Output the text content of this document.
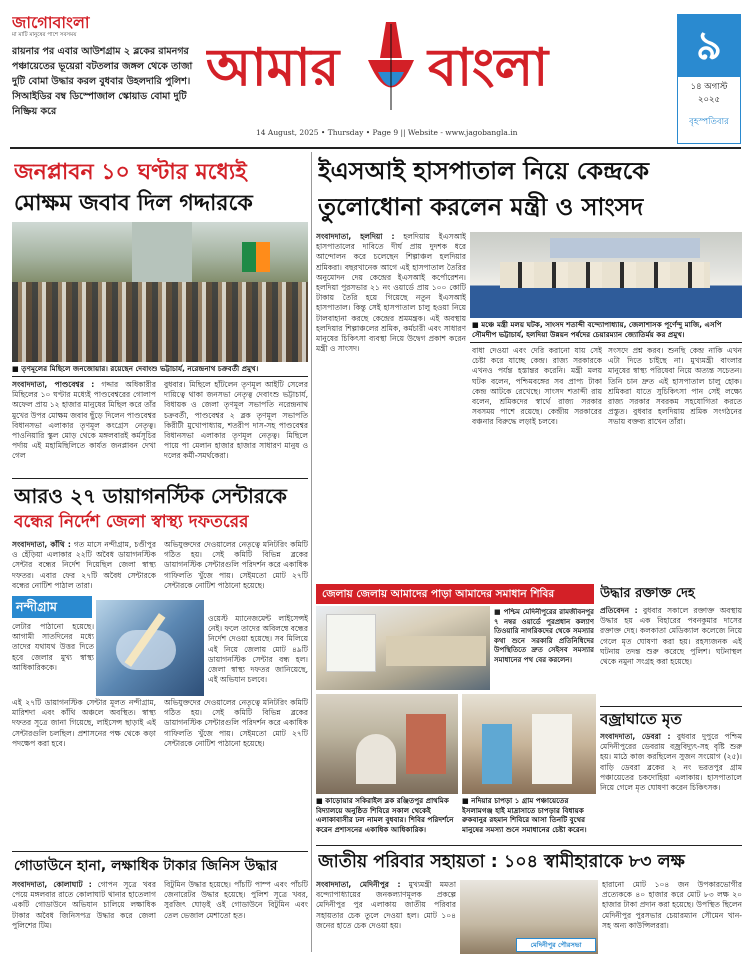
জাগোবাংলা
মা মাটি মানুষের পাশে সবসময়
রায়নার পর এবার আউশগ্রাম ২ ব্লকের রামনগর পঞ্চায়েতের ভূয়েরা বটতলার জঙ্গল থেকে তাজা দুটি বোমা উদ্ধার করল বুধবার উহলদারি পুলিশ। সিআইডির বম্ব ডিস্পোজাল স্কোয়াড বোমা দুটি নিষ্ক্রিয় করে
আমার বাংলা
14 August, 2025 • Thursday • Page 9 || Website - www.jagobangla.in
৯
১৪ অগাস্ট ২০২৫
বৃহস্পতিবার
জনপ্লাবন ১০ ঘণ্টার মধ্যেই
মোক্ষম জবাব দিল গদ্দারকে
■ তৃণমূলের মিছিলে জনজোয়ার। রয়েছেন দেবাংশু ভট্টাচার্য, নরেন্দ্রনাথ চক্রবর্তী প্রমুখ।
সংবাদদাতা, পাণ্ডবেশ্বর : গদ্দার অধিকারীর মিছিলের ১০ ঘণ্টার মধ্যেই পাণ্ডবেশ্বরের গোলাপ অফেল প্রায় ১২ হাজার মানুষের মিছিল করে তাঁর মুখের উপর মোক্ষম জবাব ছুঁড়ে দিলেন পাণ্ডবেশ্বর বিধানসভা এলাকার তৃণমূল কংগ্রেস নেতৃত্ব। পাওনিয়ারি স্কুল মোড় থেকে মঙ্গলবারই কর্মসূচির পর্দায় এই মহামিছিলিতে কার্যত জনপ্লাবন দেখা গেল
বুধবার। মিছিলে হাঁটলেন তৃণমূল আইটি সেলের দায়িত্বে থাকা জনসভা নেতৃত্ব দেবাংশু ভট্টাচার্য, বিধায়ক ও জেলা তৃণমূল সভাপতি নরেন্দ্রনাথ চক্রবর্তী, পাণ্ডবেশ্বর ২ ব্লক তৃণমূল সভাপতি কিরীটী মুখোপাধ্যায়, শতরীপ দাস-সহ পাণ্ডবেশ্বর বিধানসভা এলাকার তৃণমূল নেতৃত্ব। মিছিলে পায়ে পা মেলান হাজার হাজার সাধারণ মানুষ ও দলের কর্মী-সমর্থকেরা।
আরও ২৭ ডায়াগনস্টিক সেন্টারকে
বন্ধের নির্দেশ জেলা স্বাস্থ্য দফতরের
সংবাদদাতা, কাঁথি : গত মাসে নন্দীগ্রাম, চণ্ডীপুর ও হেঁড়িয়া এলাকার ২২টি অবৈধ ডায়াগনস্টিক সেন্টার বন্ধের নির্দেশ দিয়েছিল জেলা স্বাস্থ্য দফতর। এবার ফের ২৭টি অবৈধ সেন্টারকে বন্ধের নোটিশ পাঠাল তারা।
অভিযুক্তদের দেওয়ালের নেতৃত্বে মনিটরিং কমিটি গঠিত হয়। সেই কমিটি বিভিন্ন ব্লকের ডায়াগনস্টিক সেন্টারগুলি পরিদর্শন করে একাধিক গাফিলতি খুঁজে পায়। সেইমতো মোট ২৭টি সেন্টারকে নোটিশ পাঠানো হয়েছে।
নন্দীগ্রাম
লেটার পাঠানো হয়েছে। আগামী সাতদিনের মধ্যে তাদের যথাযথ উত্তর দিতে হবে জেলার মুখ্য স্বাস্থ্য আধিকারিককে।
ওয়েস্ট ম্যানেজমেন্ট লাইসেন্সই নেই। ফলে তাদের অবিলম্বে বন্ধের নির্দেশ দেওয়া হয়েছে। সব মিলিয়ে এই নিয়ে জেলায় মোট ৪৯টি ডায়াগনস্টিক সেন্টার বন্ধ হল। জেলা স্বাস্থ্য দফতর জানিয়েছে, এই অভিযান চলবে।
এই ২৭টি ডায়াগনস্টিক সেন্টার মূলত নন্দীগ্রাম, মারিশদা এবং কাঁথি অঞ্চলে অবস্থিত। স্বাস্থ্য দফতর সূত্রে জানা গিয়েছে, লাইসেন্স ছাড়াই এই সেন্টারগুলি চলছিল। প্রশাসনের পক্ষ থেকে কড়া পদক্ষেপ করা হবে।
অভিযুক্তদের দেওয়ালের নেতৃত্বে মনিটরিং কমিটি গঠিত হয়। সেই কমিটি বিভিন্ন ব্লকের ডায়াগনস্টিক সেন্টারগুলি পরিদর্শন করে একাধিক গাফিলতি খুঁজে পায়। সেইমতো মোট ২৭টি সেন্টারকে নোটিশ পাঠানো হয়েছে।
গোডাউনে হানা, লক্ষাধিক টাকার জিনিস উদ্ধার
সংবাদদাতা, কোলাঘাট : গোপন সূত্রে খবর পেয়ে মঙ্গলবার রাতে কোলাঘাট থানার হাতেলাগ একটি গোডাউনে অভিযান চালিয়ে লক্ষাধিক টাকার অবৈধ জিনিসপত্র উদ্ধার করে জেলা পুলিশের টিম।
বিটুমিন উদ্ধার হয়েছে। পাঁচটি পাম্প এবং পাঁচটি জেনারেটর উদ্ধার হয়েছে। পুলিশ সূত্রে খবর, সুরজিৎ ঘোড়ই ওই গোডাউনে বিটুমিন এবং তেল ভেজাল মেশাতো হত।
ইএসআই হাসপাতাল নিয়ে কেন্দ্রকে
তুলোধোনা করলেন মন্ত্রী ও সাংসদ
সংবাদদাতা, হলদিয়া : হলদিয়ায় ইএসআই হাসপাতালের দাবিতে দীর্ঘ প্রায় দুদশক ধরে আন্দোলন করে চলেছেন শিল্পাঞ্চল হলদিয়ার শ্রমিকরা। বছরখানেক আগে এই হাসপাতাল তৈরির অনুমোদন দেয় কেন্দ্রের ইএসআই কর্পোরেশন। হলদিয়া পুরসভার ২১ নং ওয়ার্ডে প্রায় ১০০ কোটি টাকায় তৈরি হয়ে গিয়েছে নতুন ইএসআই হাসপাতাল। কিন্তু সেই হাসপাতাল চালু হওয়া নিয়ে টালবাহানা করছে কেন্দ্রের শ্রমমন্ত্রক। এই অবস্থায় হলদিয়ার শিল্পাঞ্চলের শ্রমিক, কর্মচারী এবং সাধারণ মানুষের চিকিৎসা ব্যবস্থা নিয়ে উদ্বেগ প্রকাশ করেন মন্ত্রী ও সাংসদ।
■ মঞ্চে মন্ত্রী মলয় ঘটক, সাংসদ শতাব্দী বন্দ্যোপাধ্যায়, জেলাশাসক পূর্ণেন্দু মাজি, এসপি সৌমদীপ ভট্টাচার্য, হলদিয়া উন্নয়ন পর্ষদের চেয়ারম্যান জ্যোতির্ময় কর প্রমুখ।
বাধা দেওয়া এবং দেরি করানো যায় সেই চেষ্টা করে যাচ্ছে কেন্দ্র। রাজ্য সরকারকে এখনও পর্যন্ত হস্তান্তর করেনি। মন্ত্রী মলয় ঘটক বলেন, পশ্চিমবঙ্গের সব প্রাপ্য টাকা কেন্দ্র আটকে রেখেছে। সাংসদ শতাব্দী রায় বলেন, শ্রমিকদের স্বার্থে রাজ্য সরকার সবসময় পাশে রয়েছে। কেন্দ্রীয় সরকারের বঞ্চনার বিরুদ্ধে লড়াই চলবে।
সংসদে প্রশ্ন করব। শুনছি কেন্দ্র নাকি এখন এটা দিতে চাইছে না। মুখ্যমন্ত্রী বাংলার মানুষের স্বাস্থ্য পরিষেবা নিয়ে অত্যন্ত সচেতন। তিনি চান দ্রুত এই হাসপাতাল চালু হোক। শ্রমিকরা যাতে সুচিকিৎসা পান সেই লক্ষ্যে রাজ্য সরকার সবরকম সহযোগিতা করতে প্রস্তুত। বুধবার হলদিয়ায় শ্রমিক সংগঠনের সভায় বক্তব্য রাখেন তাঁরা।
জেলায় জেলায় আমাদের পাড়া আমাদের সমাধান শিবির
■ পশ্চিম মেদিনীপুরের রামজীবনপুর ৭ নম্বর ওয়ার্ডে পুরপ্রধান কল্যাণ তিওয়ারি নাগরিকদের থেকে সমস্যার কথা শুনে সরকারি প্রতিনিধিদের উপস্থিতিতে দ্রুত সেইসব সমস্যার সমাধানের পথ বের করলেন।
উদ্ধার রক্তাক্ত দেহ
প্রতিবেদন : বুধবার সকালে রক্তাক্ত অবস্থায় উদ্ধার হয় এক বিহারের পবনকুমার দাসের রক্তাক্ত দেহ। কলকাতা মেডিক্যাল কলেজে নিয়ে গেলে মৃত ঘোষণা করা হয়। রহস্যজনক এই ঘটনায় তদন্ত শুরু করেছে পুলিশ। ঘটনাস্থল থেকে নমুনা সংগ্রহ করা হয়েছে।
বজ্রাঘাতে মৃত
সংবাদদাতা, ডেবরা : বুধবার দুপুরে পশ্চিম মেদিনীপুরের ডেবরায় বজ্রবিদ্যুৎ-সহ বৃষ্টি শুরু হয়। মাঠে কাজ করছিলেন সুজন সংয়োগ (২৫)। বাড়ি ডেবরা ব্লকের ২ নং ভরতপুর গ্রাম পঞ্চায়েতের চকদোহিয়া এলাকায়। হাসপাতালে নিয়ে গেলে মৃত ঘোষণা করেন চিকিৎসক।
■ কাড়োয়ার সকিরাইল ব্লক রঞ্জিতপুর প্রাথমিক বিদ্যালয়ে অনুষ্ঠিত শিবিরে সকাল থেকেই এলাকাবাসীর ঢল নামল বুধবার। শিবির পরিদর্শনে করেন প্রশাসনের একাধিক আধিকারিক।
■ নদিয়ার চাপড়া ১ গ্রাম পঞ্চায়েতের ইসলামগঞ্জ হাই মাদ্রাসাতে চাপড়ার বিধায়ক রুকবানুর রহমান শিবিরে আসা তিনটি বুথের মানুষের সমস্যা শুনে সমাধানের চেষ্টা করেন।
জাতীয় পরিবার সহায়তা : ১০৪ স্বামীহারাকে ৮৩ লক্ষ
সংবাদদাতা, মেদিনীপুর : মুখ্যমন্ত্রী মমতা বন্দ্যোপাধ্যায়ের জনকল্যাণমূলক প্রকল্পে মেদিনীপুর পুর এলাকায় জাতীয় পরিবার সহায়তার চেক তুলে দেওয়া হল। মোট ১০৪ জনের হাতে চেক দেওয়া হয়।
মেদিনীপুর পৌরসভা
হারানো মোট ১০৪ জন উপকারভোগীর প্রত্যেককে ৪০ হাজার করে মোট ৮৩ লক্ষ ২০ হাজার টাকা প্রদান করা হয়েছে। উপস্থিত ছিলেন মেদিনীপুর পুরসভার চেয়ারম্যান সৌমেন খান-সহ অন্য কাউন্সিলররা।
